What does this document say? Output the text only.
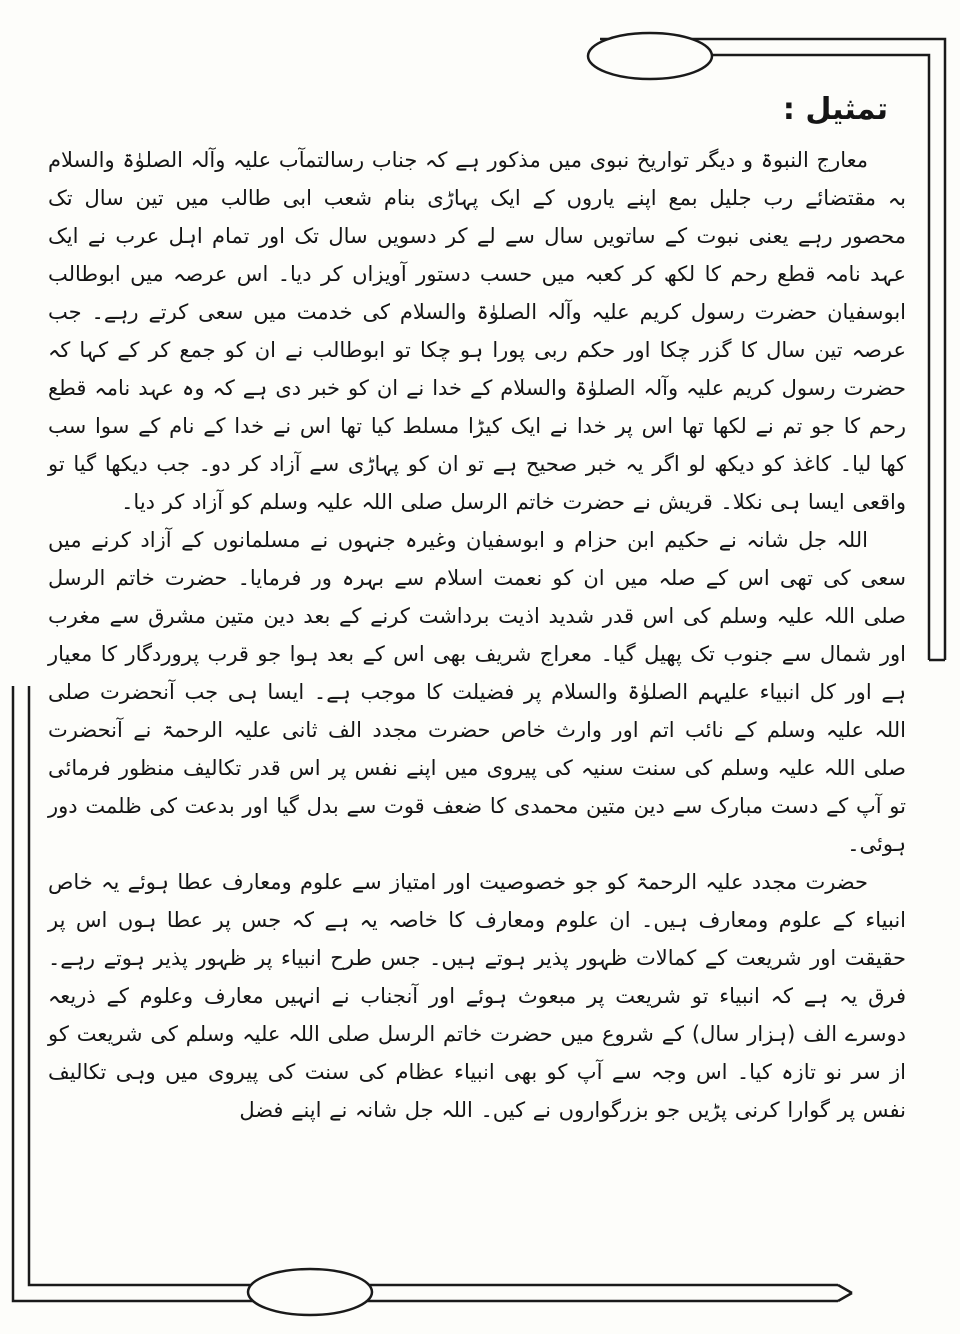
تمثیل :

معارج النبوۃ و دیگر تواریخ نبوی میں مذکور ہے کہ جناب رسالتمآب علیہ وآلہ الصلوٰۃ والسلام بہ مقتضائے رب جلیل بمع اپنے یاروں کے ایک پہاڑی بنام شعب ابی طالب میں تین سال تک محصور رہے یعنی نبوت کے ساتویں سال سے لے کر دسویں سال تک اور تمام اہل عرب نے ایک عہد نامہ قطع رحم کا لکھ کر کعبہ میں حسب دستور آویزاں کر دیا۔ اس عرصہ میں ابوطالب ابوسفیان حضرت رسول کریم علیہ وآلہ الصلوٰۃ والسلام کی خدمت میں سعی کرتے رہے۔ جب عرصہ تین سال کا گزر چکا اور حکم ربی پورا ہو چکا تو ابوطالب نے ان کو جمع کر کے کہا کہ حضرت رسول کریم علیہ وآلہ الصلوٰۃ والسلام کے خدا نے ان کو خبر دی ہے کہ وہ عہد نامہ قطع رحم کا جو تم نے لکھا تھا اس پر خدا نے ایک کیڑا مسلط کیا تھا اس نے خدا کے نام کے سوا سب کھا لیا۔ کاغذ کو دیکھ لو اگر یہ خبر صحیح ہے تو ان کو پہاڑی سے آزاد کر دو۔ جب دیکھا گیا تو واقعی ایسا ہی نکلا۔ قریش نے حضرت خاتم الرسل صلی اللہ علیہ وسلم کو آزاد کر دیا۔

اللہ جل شانہ نے حکیم ابن حزام و ابوسفیان وغیرہ جنہوں نے مسلمانوں کے آزاد کرنے میں سعی کی تھی اس کے صلہ میں ان کو نعمت اسلام سے بہرہ ور فرمایا۔ حضرت خاتم الرسل صلی اللہ علیہ وسلم کی اس قدر شدید اذیت برداشت کرنے کے بعد دین متین مشرق سے مغرب اور شمال سے جنوب تک پھیل گیا۔ معراج شریف بھی اس کے بعد ہوا جو قرب پروردگار کا معیار ہے اور کل انبیاء علیہم الصلوٰۃ والسلام پر فضیلت کا موجب ہے۔ ایسا ہی جب آنحضرت صلی اللہ علیہ وسلم کے نائب اتم اور وارث خاص حضرت مجدد الف ثانی علیہ الرحمۃ نے آنحضرت صلی اللہ علیہ وسلم کی سنت سنیہ کی پیروی میں اپنے نفس پر اس قدر تکالیف منظور فرمائی تو آپ کے دست مبارک سے دین متین محمدی کا ضعف قوت سے بدل گیا اور بدعت کی ظلمت دور ہوئی۔

حضرت مجدد علیہ الرحمۃ کو جو خصوصیت اور امتیاز سے علوم ومعارف عطا ہوئے یہ خاص انبیاء کے علوم ومعارف ہیں۔ ان علوم ومعارف کا خاصہ یہ ہے کہ جس پر عطا ہوں اس پر حقیقت اور شریعت کے کمالات ظہور پذیر ہوتے ہیں۔ جس طرح انبیاء پر ظہور پذیر ہوتے رہے۔ فرق یہ ہے کہ انبیاء تو شریعت پر مبعوث ہوئے اور آنجناب نے انہیں معارف وعلوم کے ذریعہ دوسرے الف (ہزار سال) کے شروع میں حضرت خاتم الرسل صلی اللہ علیہ وسلم کی شریعت کو از سر نو تازہ کیا۔ اس وجہ سے آپ کو بھی انبیاء عظام کی سنت کی پیروی میں وہی تکالیف نفس پر گوارا کرنی پڑیں جو بزرگواروں نے کیں۔ اللہ جل شانہ نے اپنے فضل
